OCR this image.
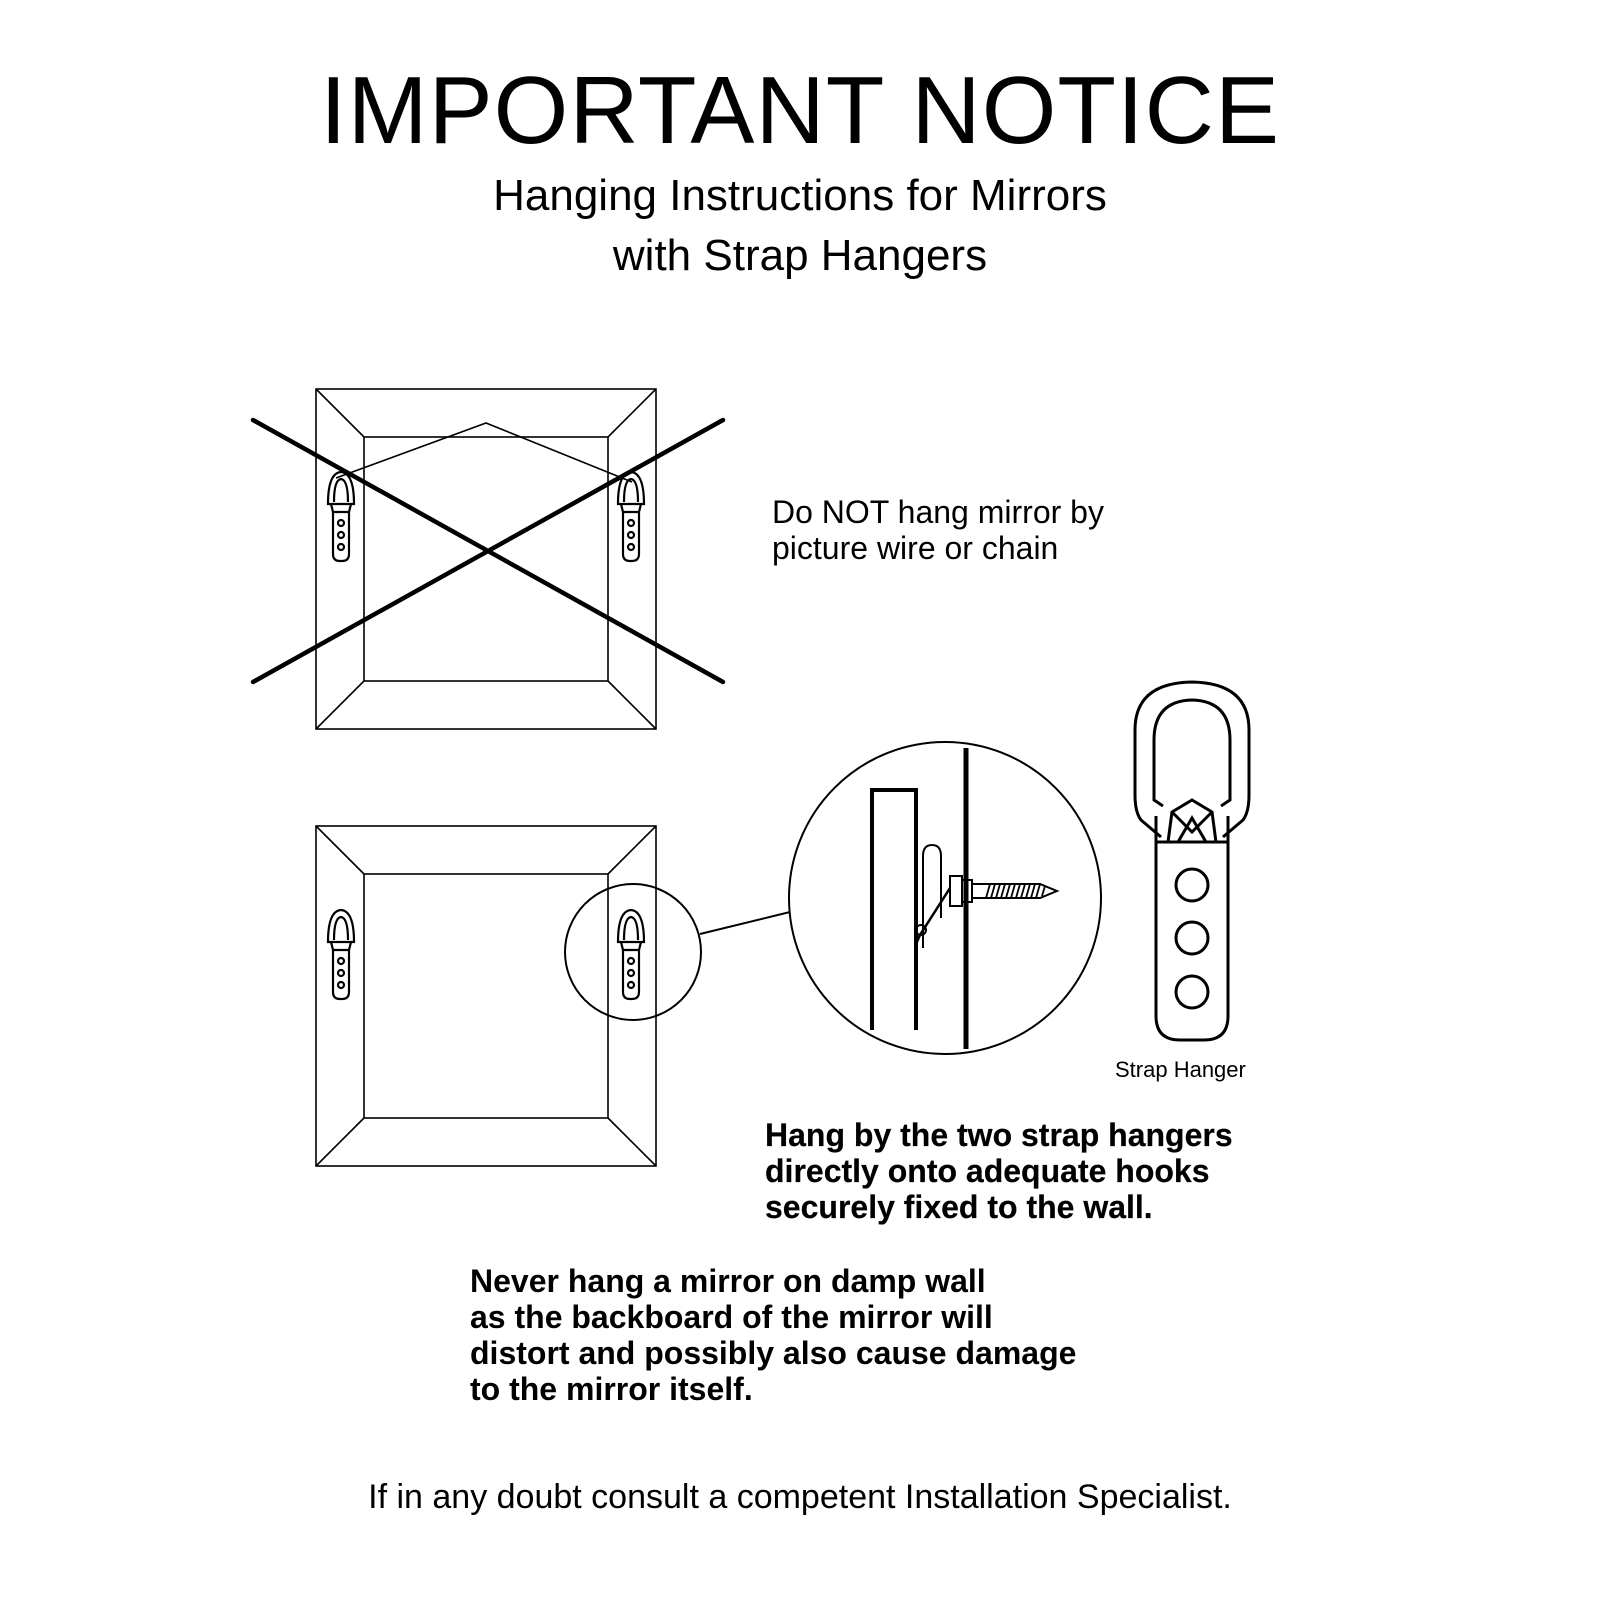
IMPORTANT NOTICE
Hanging Instructions for Mirrors
with Strap Hangers
Do NOT hang mirror by
picture wire or chain
Strap Hanger
Hang by the two strap hangers
directly onto adequate hooks
securely fixed to the wall.
Never hang a mirror on damp wall
as the backboard of the mirror will
distort and possibly also cause damage
to the mirror itself.
If in any doubt consult a competent Installation Specialist.
